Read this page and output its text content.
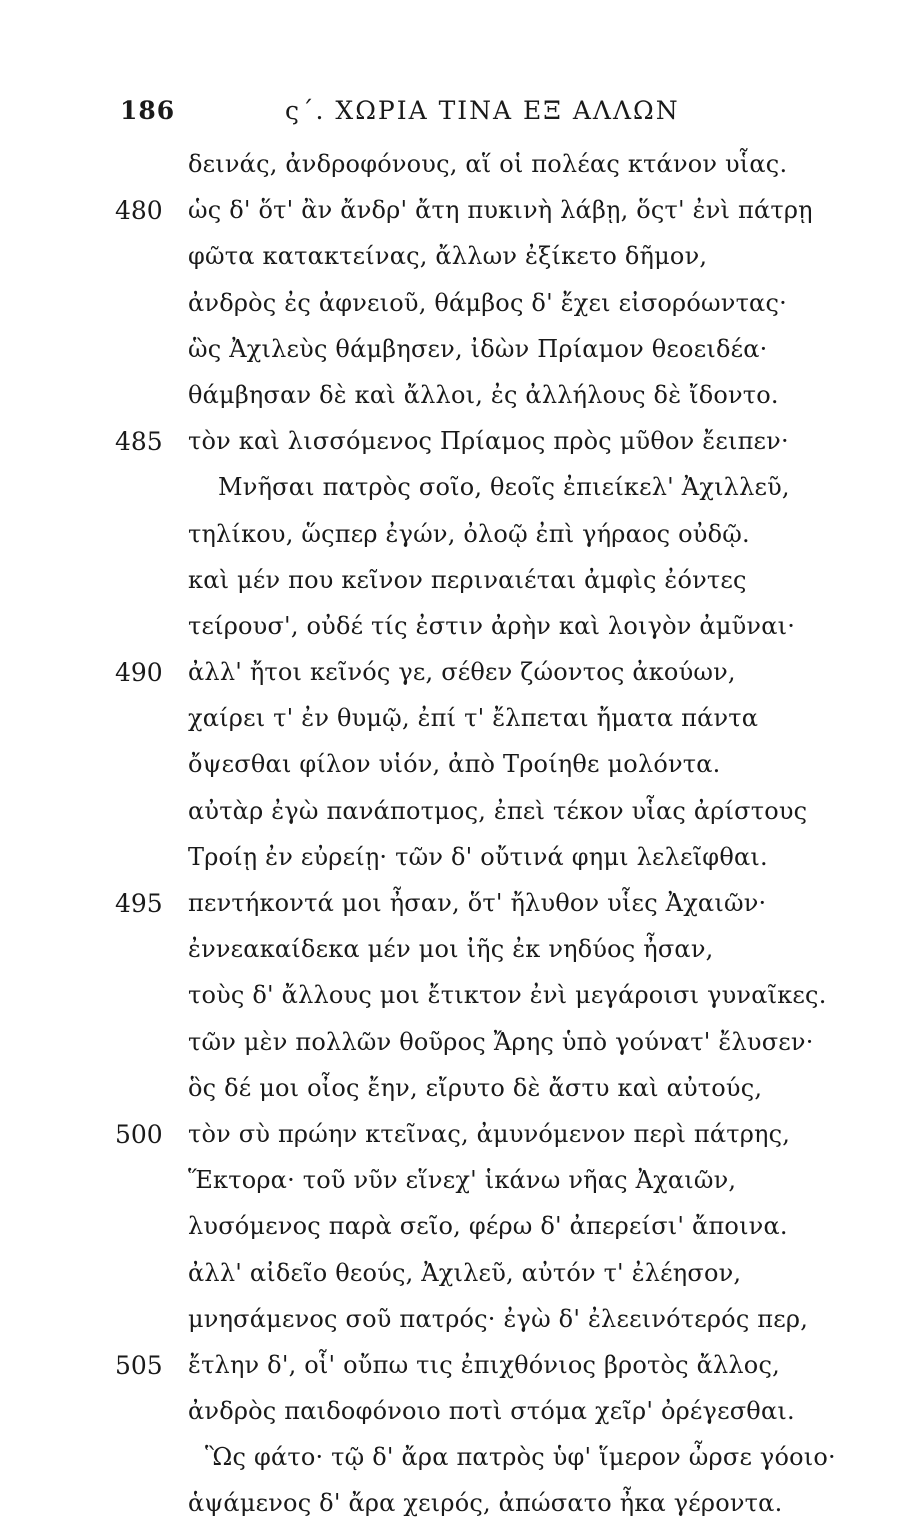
186	ς΄. ΧΩΡΙΑ ΤΙΝΑ ΕΞ ΑΛΛΩΝ
δεινάς, ἀνδροφόνους, αἵ οἱ πολέας κτάνον υἷας.
480	ὡς δ' ὅτ' ἂν ἄνδρ' ἄτη πυκινὴ λάβῃ, ὅςτ' ἐνὶ πάτρῃ
φῶτα κατακτείνας, ἄλλων ἐξίκετο δῆμον,
ἀνδρὸς ἐς ἀφνειοῦ, θάμβος δ' ἔχει εἰσορόωντας·
ὣς Ἀχιλεὺς θάμβησεν, ἰδὼν Πρίαμον θεοειδέα·
θάμβησαν δὲ καὶ ἄλλοι, ἐς ἀλλήλους δὲ ἴδοντο.
485	τὸν καὶ λισσόμενος Πρίαμος πρὸς μῦθον ἔειπεν·
Μνῆσαι πατρὸς σοῖο, θεοῖς ἐπιείκελ' Ἀχιλλεῦ,
τηλίκου, ὥςπερ ἐγών, ὀλοῷ ἐπὶ γήραος οὐδῷ.
καὶ μέν που κεῖνον περιναιέται ἀμφὶς ἐόντες
τείρουσ', οὐδέ τίς ἐστιν ἀρὴν καὶ λοιγὸν ἀμῦναι·
490	ἀλλ' ἤτοι κεῖνός γε, σέθεν ζώοντος ἀκούων,
χαίρει τ' ἐν θυμῷ, ἐπί τ' ἔλπεται ἤματα πάντα
ὄψεσθαι φίλον υἱόν, ἀπὸ Τροίηθε μολόντα.
αὐτὰρ ἐγὼ πανάποτμος, ἐπεὶ τέκον υἷας ἀρίστους
Τροίῃ ἐν εὐρείῃ· τῶν δ' οὔτινά φημι λελεῖφθαι.
495	πεντήκοντά μοι ἦσαν, ὅτ' ἤλυθον υἷες Ἀχαιῶν·
ἐννεακαίδεκα μέν μοι ἰῆς ἐκ νηδύος ἦσαν,
τοὺς δ' ἄλλους μοι ἔτικτον ἐνὶ μεγάροισι γυναῖκες.
τῶν μὲν πολλῶν θοῦρος Ἄρης ὑπὸ γούνατ' ἔλυσεν·
ὃς δέ μοι οἶος ἔην, εἴρυτο δὲ ἄστυ καὶ αὐτούς,
500	τὸν σὺ πρώην κτεῖνας, ἀμυνόμενον περὶ πάτρης,
Ἕκτορα· τοῦ νῦν εἵνεχ' ἱκάνω νῆας Ἀχαιῶν,
λυσόμενος παρὰ σεῖο, φέρω δ' ἀπερείσι' ἄποινα.
ἀλλ' αἰδεῖο θεούς, Ἀχιλεῦ, αὐτόν τ' ἐλέησον,
μνησάμενος σοῦ πατρός· ἐγὼ δ' ἐλεεινότερός περ,
505	ἔτλην δ', οἷ' οὔπω τις ἐπιχθόνιος βροτὸς ἄλλος,
ἀνδρὸς παιδοφόνοιο ποτὶ στόμα χεῖρ' ὀρέγεσθαι.
Ὣς φάτο· τῷ δ' ἄρα πατρὸς ὑφ' ἵμερον ὦρσε γόοιο·
ἁψάμενος δ' ἄρα χειρός, ἀπώσατο ἦκα γέροντα.
